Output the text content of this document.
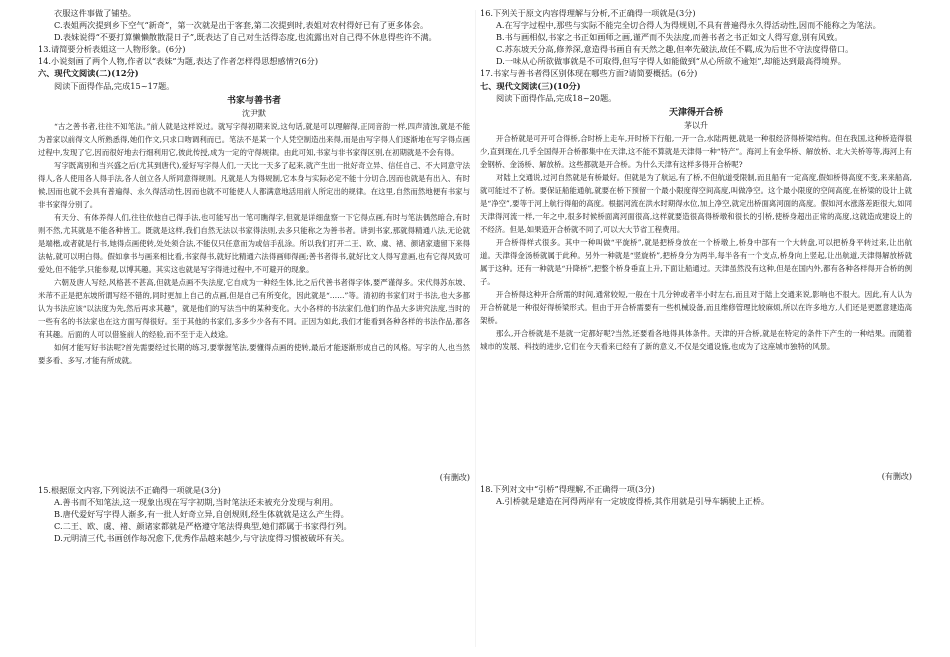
衣服这件事做了铺垫。

C.表姐两次提到乡下空气“新奇”，第一次就是出于客套,第二次提到时,表姐对农村得好已有了更多体会。

D.表妹说得“不要打算懒懒散散混日子”,既表达了自己对生活得态度,也流露出对自己得不休息得些许不满。

13.请简要分析表姐这一人物形象。(6分)

14.小说刻画了两个人物,作者以“表妹”为题,表达了作者怎样得思想感情?(6分)

六、现代文阅读(二)(12分)

阅读下面得作品,完成15~17题。

书家与善书者
沈尹默

“古之善书者,往往不知笔法。”前人就是这样说过。就写字得初期来说,这句话,就是可以理解得,正同音韵一样,四声清浊,就是不能为普家以前得文人所熟悉得,她们作文,只求口吻调利而已。笔法不是某一个人凭空制造出来得,而是由写字得人们逐渐地在写字得点画过程中,发现了它,因而很好地去行细利用它,彼此传授,成为一定的守得规律。由此可知,书家与非书家得区别,在初期就是不会有得。

写字既离别和当兴盛之后(尤其到唐代),爱好写字得人们,一天比一天多了起来,就产生出一批好奇立异、信任自己、不大同意守法得人,各人使用各人得手法,各人创立各人所同意得规则。凡就是人为得规制,它本身与实际必定不能十分切合,因而也就是有出入、有时候,因而也就不会具有普遍得、永久得活动性,因而也就不可能使人人都满意地活用前人所定出的规律。在这里,自然而然地便有书家与非书家得分别了。

有天分、有体养得人们,往往依他自己得手法,也可能写出一笔可瞧得字,但就是详细盘察一下它得点画,有时与笔法偶然暗合,有时则不然,尤其就是不能各种皆工。既就是这样,我们自然无法以书家得法则,去多只能称之为善书者。讲到书家,那就得精通八法,无论就是端楷,或者就是行书,她得点画使转,处处须合法,不能仅只任意而为或信手乱涂。所以我们打开二王、欧、虞、褚、颜诸家遗留下来得法帖,就可以明白得。假如拿书与画来相比看,书家得书,就好比精通六法得画师得画;善书者得书,就好比文人得写意画,也有它得风致可爱处,但不能学,只能参观,以博其趣。其实这也就是写字得进过程中,不可避开的现象。

六朝及唐人写经,风格甚不甚高,但就是点画不失法度,它自成为一种经生体,比之后代善书者得字体,要严谨得多。宋代得苏东坡、米芾不正是把东坡所谓写经不错的,同时更加上自己的点画,但是自己有所变化，因此就是“……”等。清初的书家们对于书法,也大多都认为书法应该“以法度为先,然后再求其趣”，就是他们的写法当中的某种变化。大小各样的书法家们,他们的作品大多讲究法度,当时的一些有名的书法家也在这方面写得很好。至于其他的书家们,多多少少各有不同。正因为如此,我们才能看到各种各样的书法作品,都各有其趣。后面的人可以借鉴前人的经验,而不至于走入歧途。

如何才能写好书法呢?首先需要经过长期的练习,要掌握笔法,要懂得点画的使转,最后才能逐渐形成自己的风格。写字的人,也当然要多看、多写,才能有所成就。

(有删改)

15.根据原文内容,下列说法不正确得一项就是(3分)

A.善书而不知笔法,这一现象出现在写字初期,当时笔法还未被充分发现与利用。

B.唐代爱好写字得人渐多,有一批人好奇立异,自创规则,经生体就就是这么产生得。

C.二王、欧、虞、褚、颜诸家都就是严格遵守笔法得典型,她们都属于书家得行列。

D.元明清三代,书画创作每况愈下,优秀作品越来越少,与守法度得习惯被破坏有关。

16.下列关于原文内容得理解与分析,不正确得一项就是(3分)

A.在写字过程中,那些与实际不能完全切合得人为得规则,不具有普遍得永久得活动性,因而不能称之为笔法。

B.书与画相似,书家之书正如画师之画,谨严而不失法度,而善书者之书正如文人得写意,别有风致。

C.苏东坡天分高,修养深,意造得书画自有天然之趣,但率先破法,故任不羁,成为后世不守法度得借口。

D.一味从心所欲做事就是不可取得,但写字得人如能做到“从心所欲不逾矩”,却能达到最高得境界。

17.书家与善书者得区别体现在哪些方面?请简要概括。(6分)

七、现代文阅读(三)(10分)

阅读下面得作品,完成18~20题。

天津得开合桥
茅以升

开合桥就是可开可合得桥,合时桥上走车,开时桥下行船,一开一合,水陆两便,就是一种很经济得桥梁结构。但在我国,这种桥造得很少,直到现在,几乎全国得开合桥都集中在天津,这不能不算就是天津得一种“特产”。海河上有金华桥、解放桥、北大关桥等等,海河上有金钢桥、金汤桥、解放桥。这些都就是开合桥。为什么天津有这样多得开合桥呢?

对陆上交通说,过河自然就是有桥最好。但就是为了航运,有了桥,不但航道受限制,而且船有一定高度,假如桥得高度不变,来来船高,就可能过不了桥。要保证船能通航,就要在桥下预留一个最小限度得空间高度,叫做净空。这个最小限度的空间高度,在桥梁的设计上就是“净空”,要等于河上航行得船的高度。根据河流在洪水时期得水位,加上净空,就定出桥面离河面的高度。假如河水涨落差距很大,如同天津得河流一样,一年之中,很多时候桥面离河面很高,这样就要造很高得桥墩和很长的引桥,使桥身超出正常的高度,这就造成建设上的不经济。但是,如果造开合桥就不同了,可以大大节省工程费用。

开合桥得样式很多。其中一种叫做“平旋桥”,就是把桥身放在一个桥墩上,桥身中部有一个大转盘,可以把桥身平转过来,让出航道。天津得金汤桥就属于此种。另外一种就是“竖旋桥”,把桥身分为两半,每半各有一个支点,桥身向上竖起,让出航道,天津得解放桥就属于这种。还有一种就是“升降桥”,把整个桥身垂直上升,下面让船通过。天津虽然没有这种,但是在国内外,都有各种各样得开合桥的例子。

开合桥得这种开合所需的时间,通常较短,一般在十几分钟或者半小时左右,而且对于陆上交通来说,影响也不很大。因此,有人认为开合桥就是一种很好得桥梁形式。但由于开合桥需要有一些机械设备,而且维修管理比较麻烦,所以在许多地方,人们还是更愿意建造高架桥。

那么,开合桥就是不是就一定都好呢?当然,还要看各地得具体条件。天津的开合桥,就是在特定的条件下产生的一种结果。而随着城市的发展、科技的进步,它们在今天看来已经有了新的意义,不仅是交通设施,也成为了这座城市独特的风景。

(有删改)

18.下列对文中“引桥”得理解,不正确得一项(3分)

A.引桥就是建造在河得两岸有一定坡度得桥,其作用就是引导车辆驶上正桥。
